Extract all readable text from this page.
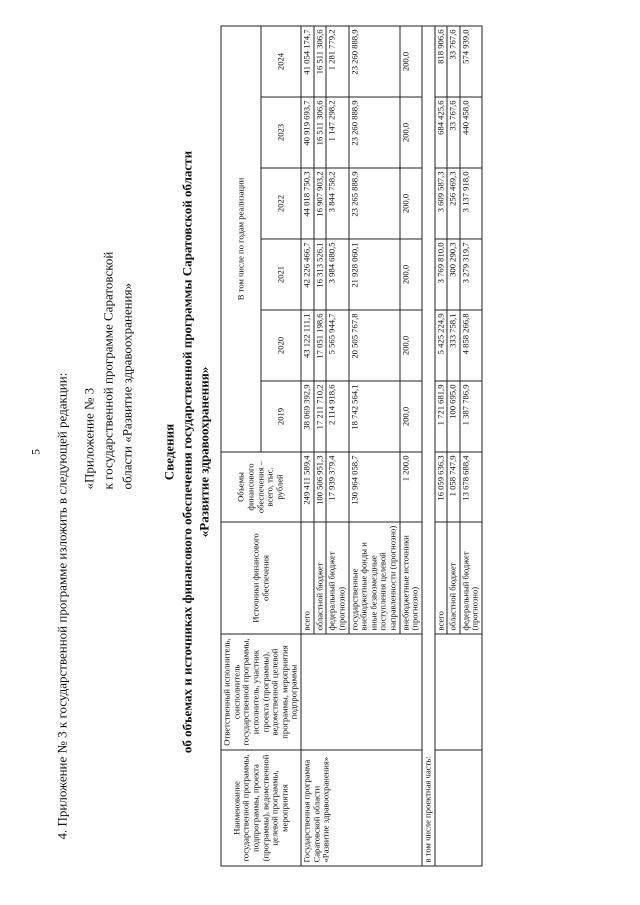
5 4. Приложение № 3 к государственной программе изложить в следующей редакции: «Приложение № 3 к государственной программе Саратовской области «Развитие здравоохранения» Сведения об объемах и источниках финансового обеспечения государственной программы Саратовской области «Развитие здравоохранения»
Наименование государственной программы, подпрограммы, проекта (программы), ведомственной целевой программы, мероприятия	Ответственный исполнитель, соисполнитель государственной программы, исполнитель, участник проекта (программы), ведомственной целевой программы, мероприятия подпрограммы	Источники финансового обеспечения	Объемы финансового обеспечения – всего, тыс. рублей	В том числе по годам реализации					
				2019	2020	2021	2022	2023	2024
Государственная программа Саратовской области «Развитие здравоохранения»		всего	249 411 589,4	38 069 392,9	43 122 111,1	42 226 466,7	44 018 750,3	40 919 693,7	41 054 174,7
		областной бюджет	100 506 951,3	17 211 710,2	17 051 198,6	16 313 526,1	16 907 903,2	16 511 306,6	16 511 306,6
		федеральный бюджет (прогнозно)	17 939 379,4	2 114 918,6	5 565 944,7	3 984 680,5	3 844 758,2	1 147 298,2	1 281 779,2
		государственные внебюджетные фонды и иные безвозмездные поступления целевой направленности (прогнозно)	130 964 058,7	18 742 564,1	20 505 767,8	21 928 060,1	23 265 888,9	23 260 888,9	23 260 888,9
		внебюджетные источники (прогнозно)	1 200,0	200,0	200,0	200,0	200,0	200,0	200,0
в том числе проектная часть:									
		всего	16 059 636,3	1 721 681,9	5 425 224,9	3 769 810,0	3 609 587,3	684 425,6	818 906,6
		областной бюджет	1 058 747,9	100 695,0	333 758,1	300 290,3	256 469,3	33 767,6	33 767,6
		федеральный бюджет (прогнозно)	13 678 688,4	1 387 786,9	4 858 266,8	3 279 319,7	3 137 918,0	440 458,0	574 939,0
